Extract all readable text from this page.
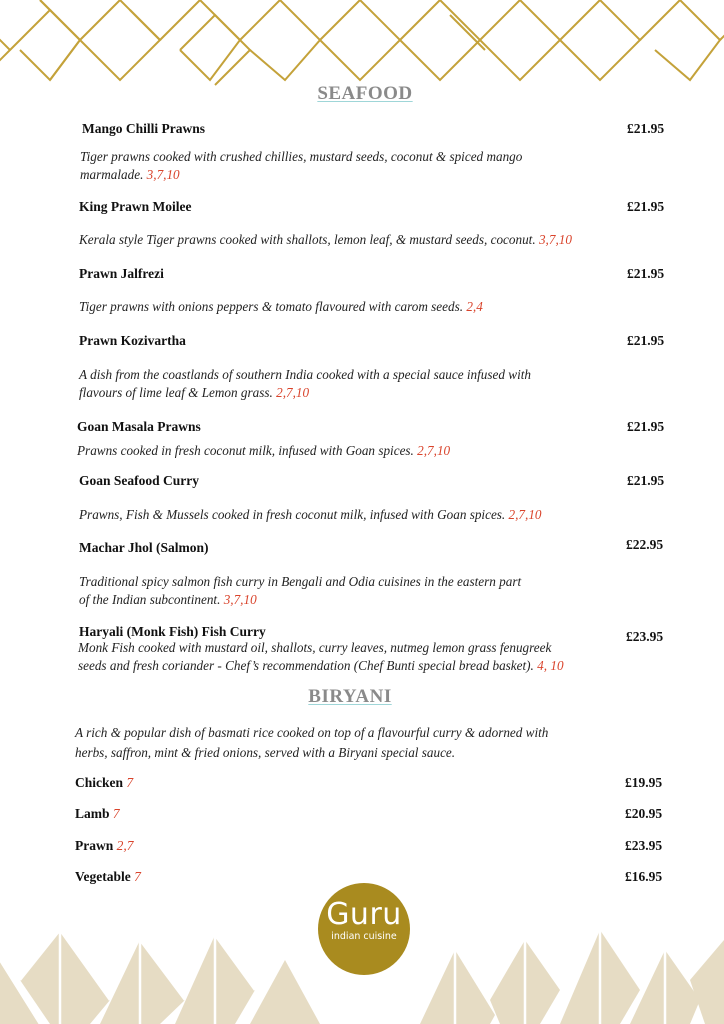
SEAFOOD
Mango Chilli Prawns	£21.95
Tiger prawns cooked with crushed chillies, mustard seeds, coconut & spiced mango
marmalade. 3,7,10
King Prawn Moilee	£21.95
Kerala style Tiger prawns cooked with shallots, lemon leaf, & mustard seeds, coconut. 3,7,10
Prawn Jalfrezi	£21.95
Tiger prawns with onions peppers & tomato flavoured with carom seeds. 2,4
Prawn Kozivartha	£21.95
A dish from the coastlands of southern India cooked with a special sauce infused with
flavours of lime leaf & Lemon grass. 2,7,10
Goan Masala Prawns	£21.95
Prawns cooked in fresh coconut milk, infused with Goan spices. 2,7,10
Goan Seafood Curry	£21.95
Prawns, Fish & Mussels cooked in fresh coconut milk, infused with Goan spices. 2,7,10
Machar Jhol (Salmon)	£22.95
Traditional spicy salmon fish curry in Bengali and Odia cuisines in the eastern part
of the Indian subcontinent. 3,7,10
Haryali (Monk Fish) Fish Curry	£23.95
Monk Fish cooked with mustard oil, shallots, curry leaves, nutmeg lemon grass fenugreek
seeds and fresh coriander - Chef’s recommendation (Chef Bunti special bread basket). 4, 10
BIRYANI
A rich & popular dish of basmati rice cooked on top of a flavourful curry & adorned with
herbs, saffron, mint & fried onions, served with a Biryani special sauce.
Chicken 7	£19.95
Lamb 7	£20.95
Prawn 2,7	£23.95
Vegetable 7	£16.95
Guru
indian cuisine
